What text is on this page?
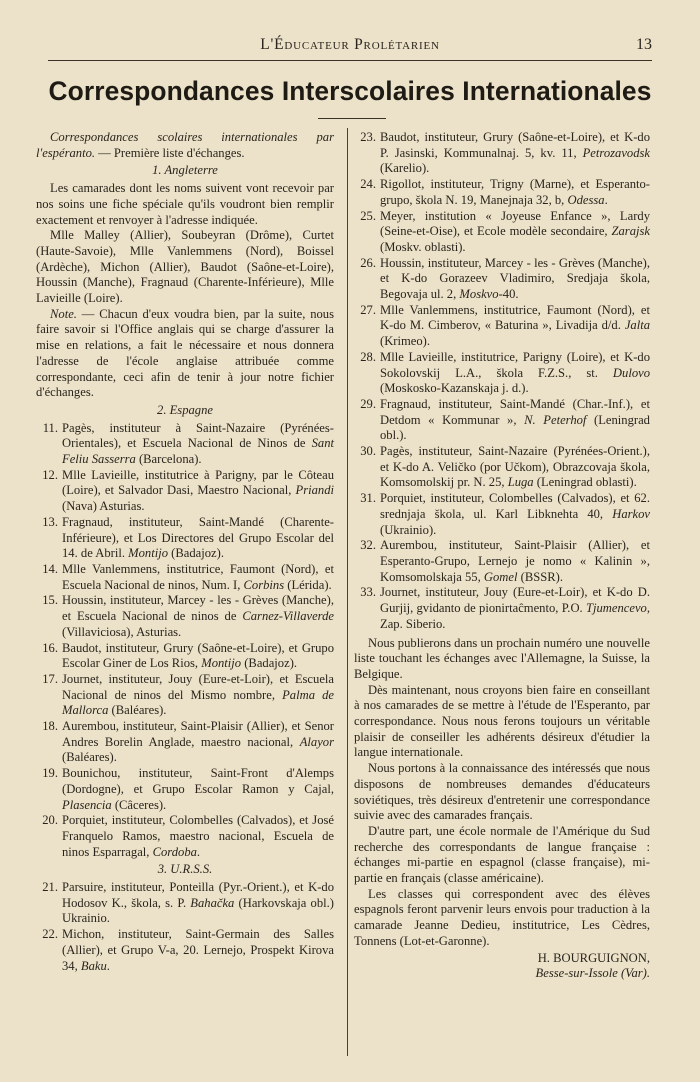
L'Éducateur Prolétarien	13
Correspondances Interscolaires Internationales

Correspondances scolaires internationales par l'espéranto. — Première liste d'échanges.

1. Angleterre

Les camarades dont les noms suivent vont recevoir par nos soins une fiche spéciale qu'ils voudront bien remplir exactement et renvoyer à l'adresse indiquée.

Mlle Malley (Allier), Soubeyran (Drôme), Curtet (Haute-Savoie), Mlle Vanlemmens (Nord), Boissel (Ardèche), Michon (Allier), Baudot (Saône-et-Loire), Houssin (Manche), Fragnaud (Charente-Inférieure), Mlle Lavieille (Loire).

Note. — Chacun d'eux voudra bien, par la suite, nous faire savoir si l'Office anglais qui se charge d'assurer la mise en relations, a fait le nécessaire et nous donnera l'adresse de l'école anglaise attribuée comme correspondante, ceci afin de tenir à jour notre fichier d'échanges.

2. Espagne
11. Pagès, instituteur à Saint-Nazaire (Pyrénées-Orientales), et Escuela Nacional de Ninos de Sant Feliu Sasserra (Barcelona).
12. Mlle Lavieille, institutrice à Parigny, par le Côteau (Loire), et Salvador Dasi, Maestro Nacional, Priandi (Nava) Asturias.
13. Fragnaud, instituteur, Saint-Mandé (Charente-Inférieure), et Los Directores del Grupo Escolar del 14. de Abril. Montijo (Badajoz).
14. Mlle Vanlemmens, institutrice, Faumont (Nord), et Escuela Nacional de ninos, Num. I, Corbins (Lérida).
15. Houssin, instituteur, Marcey - les - Grèves (Manche), et Escuela Nacional de ninos de Carnez-Villaverde (Villaviciosa), Asturias.
16. Baudot, instituteur, Grury (Saône-et-Loire), et Grupo Escolar Giner de Los Rios, Montijo (Badajoz).
17. Journet, instituteur, Jouy (Eure-et-Loir), et Escuela Nacional de ninos del Mismo nombre, Palma de Mallorca (Baléares).
18. Aurembou, instituteur, Saint-Plaisir (Allier), et Senor Andres Borelin Anglade, maestro nacional, Alayor (Baléares).
19. Bounichou, instituteur, Saint-Front d'Alemps (Dordogne), et Grupo Escolar Ramon y Cajal, Plasencia (Câceres).
20. Porquiet, instituteur, Colombelles (Calvados), et José Franquelo Ramos, maestro nacional, Escuela de ninos Esparragal, Cordoba.
3. U.R.S.S.
21. Parsuire, instituteur, Ponteilla (Pyr.-Orient.), et K-do Hodosov K., škola, s. P. Bahačka (Harkovskaja obl.) Ukrainio.
22. Michon, instituteur, Saint-Germain des Salles (Allier), et Grupo V-a, 20. Lernejo, Prospekt Kirova 34, Baku.
23. Baudot, instituteur, Grury (Saône-et-Loire), et K-do P. Jasinski, Kommunalnaj. 5, kv. 11, Petrozavodsk (Karelio).
24. Rigollot, instituteur, Trigny (Marne), et Esperanto-grupo, škola N. 19, Manejnaja 32, b, Odessa.
25. Meyer, institution « Joyeuse Enfance », Lardy (Seine-et-Oise), et Ecole modèle secondaire, Zarajsk (Moskv. oblasti).
26. Houssin, instituteur, Marcey - les - Grèves (Manche), et K-do Gorazeev Vladimiro, Sredjaja škola, Begovaja ul. 2, Moskvo-40.
27. Mlle Vanlemmens, institutrice, Faumont (Nord), et K-do M. Cimberov, « Baturina », Livadija d/d. Jalta (Krimeo).
28. Mlle Lavieille, institutrice, Parigny (Loire), et K-do Sokolovskij L.A., škola F.Z.S., st. Dulovo (Moskosko-Kazanskaja j. d.).
29. Fragnaud, instituteur, Saint-Mandé (Char.-Inf.), et Detdom « Kommunar », N. Peterhof (Leningrad obl.).
30. Pagès, instituteur, Saint-Nazaire (Pyrénées-Orient.), et K-do A. Veličko (por Učkom), Obrazcovaja škola, Komsomolskij pr. N. 25, Luga (Leningrad oblasti).
31. Porquiet, instituteur, Colombelles (Calvados), et 62. srednjaja škola, ul. Karl Libknehta 40, Harkov (Ukrainio).
32. Aurembou, instituteur, Saint-Plaisir (Allier), et Esperanto-Grupo, Lernejo je nomo « Kalinin », Komsomolskaja 55, Gomel (BSSR).
33. Journet, instituteur, Jouy (Eure-et-Loir), et K-do D. Gurjij, gvidanto de pionirtaĉmento, P.O. Tjumencevo, Zap. Siberio.

Nous publierons dans un prochain numéro une nouvelle liste touchant les échanges avec l'Allemagne, la Suisse, la Belgique.

Dès maintenant, nous croyons bien faire en conseillant à nos camarades de se mettre à l'étude de l'Esperanto, par correspondance. Nous nous ferons toujours un véritable plaisir de conseiller les adhérents désireux d'étudier la langue internationale.

Nous portons à la connaissance des intéressés que nous disposons de nombreuses demandes d'éducateurs soviétiques, très désireux d'entretenir une correspondance suivie avec des camarades français.

D'autre part, une école normale de l'Amérique du Sud recherche des correspondants de langue française : échanges mi-partie en espagnol (classe française), mi-partie en français (classe américaine).

Les classes qui correspondent avec des élèves espagnols feront parvenir leurs envois pour traduction à la camarade Jeanne Dedieu, institutrice, Les Cèdres, Tonnens (Lot-et-Garonne).

H. BOURGUIGNON,
Besse-sur-Issole (Var).
